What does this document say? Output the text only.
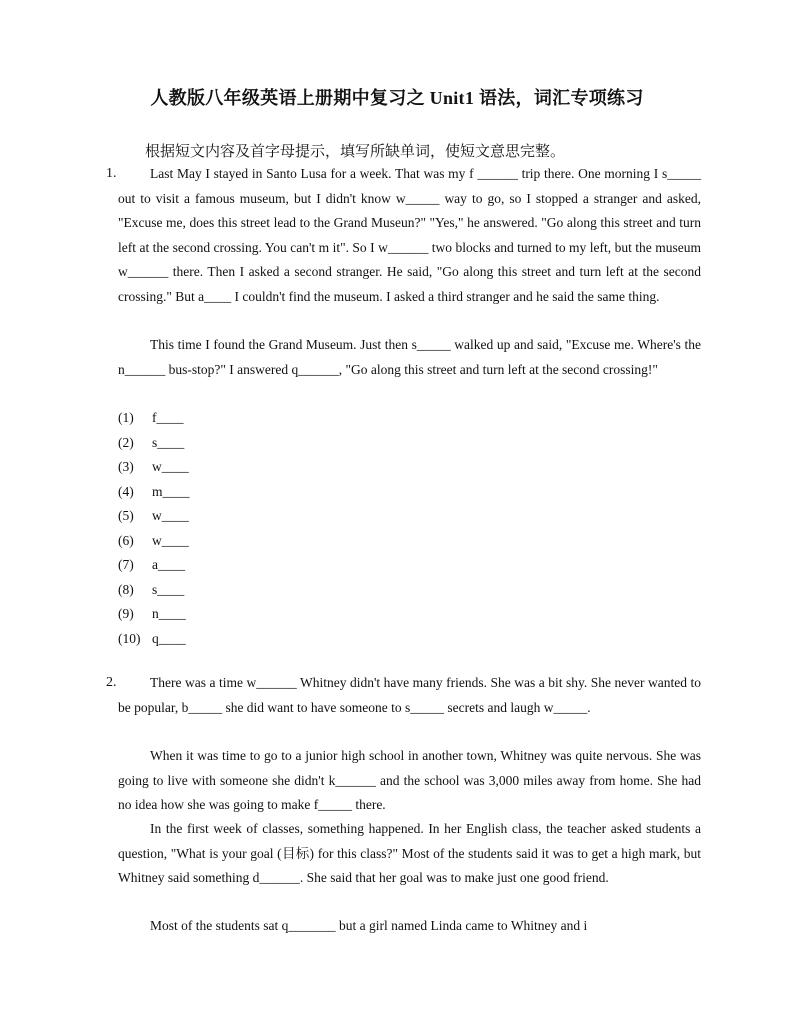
人教版八年级英语上册期中复习之 Unit1 语法，词汇专项练习
根据短文内容及首字母提示，填写所缺单词，使短文意思完整。
1.	Last May I stayed in Santo Lusa for a week. That was my f ______ trip there. One morning I s_____ out to visit a famous museum, but I didn't know w_____ way to go, so I stopped a stranger and asked, "Excuse me, does this street lead to the Grand Museun?" "Yes," he answered. "Go along this street and turn left at the second crossing. You can't m it". So I w______ two blocks and turned to my left, but the museum w______ there. Then I asked a second stranger. He said, "Go along this street and turn left at the second crossing." But a____ I couldn't find the museum. I asked a third stranger and he said the same thing.
This time I found the Grand Museum. Just then s_____ walked up and said, "Excuse me. Where's the n______ bus-stop?" I answered q______, "Go along this street and turn left at the second crossing!"
(1) f____
(2) s____
(3) w____
(4) m____
(5) w____
(6) w____
(7) a____
(8) s____
(9) n____
(10) q____
2.	There was a time w______ Whitney didn't have many friends. She was a bit shy. She never wanted to be popular, b_____ she did want to have someone to s_____ secrets and laugh w_____.
When it was time to go to a junior high school in another town, Whitney was quite nervous. She was going to live with someone she didn't k______ and the school was 3,000 miles away from home. She had no idea how she was going to make f_____ there.
In the first week of classes, something happened. In her English class, the teacher asked students a question, "What is your goal (目标) for this class?" Most of the students said it was to get a high mark, but Whitney said something d______. She said that her goal was to make just one good friend.
Most of the students sat q_______ but a girl named Linda came to Whitney and i
